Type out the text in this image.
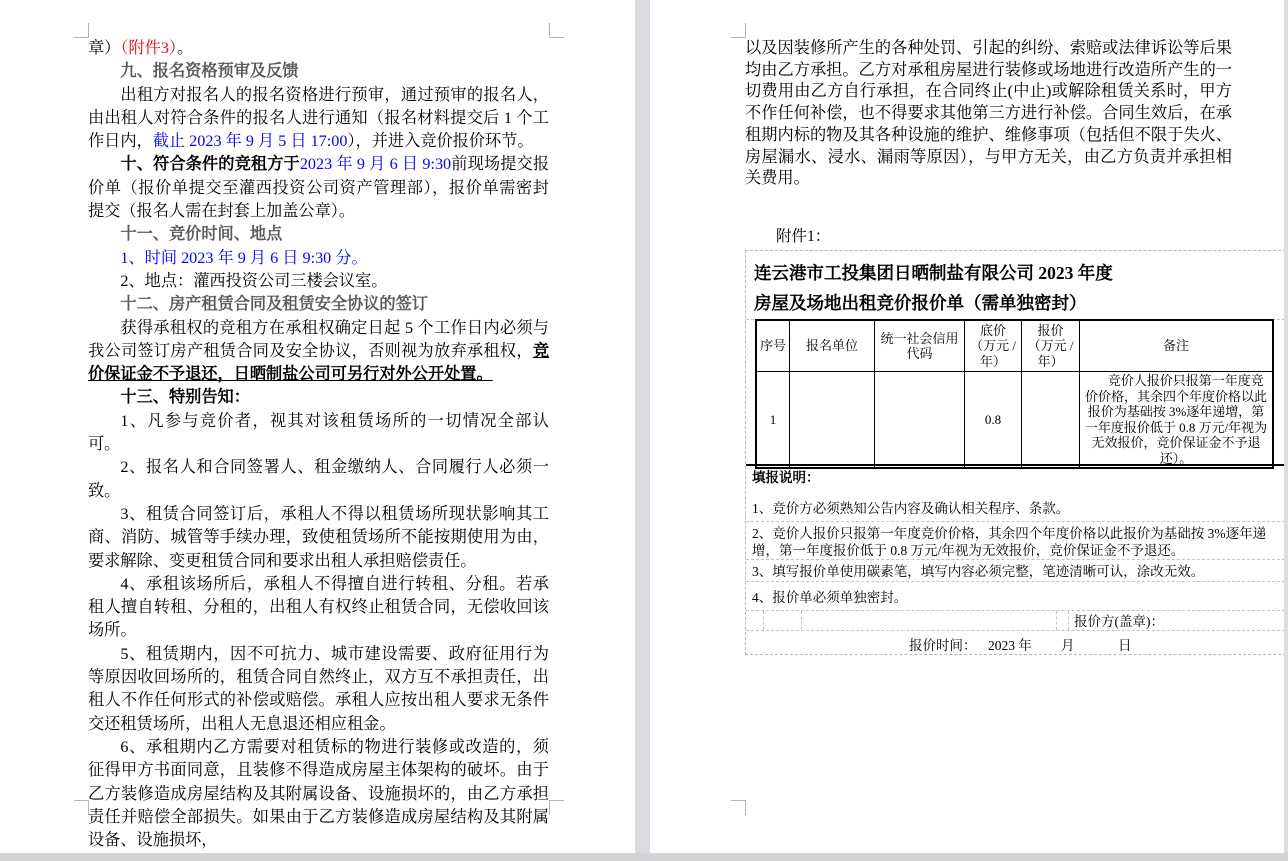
章）（附件3）。

九、报名资格预审及反馈

出租方对报名人的报名资格进行预审，通过预审的报名人，由出租人对符合条件的报名人进行通知（报名材料提交后 1 个工作日内，截止 2023 年 9 月 5 日 17:00），并进入竞价报价环节。

十、符合条件的竞租方于2023 年 9 月 6 日 9:30前现场提交报价单（报价单提交至灌西投资公司资产管理部），报价单需密封提交（报名人需在封套上加盖公章）。

十一、竞价时间、地点

1、时间 2023 年 9 月 6 日 9:30 分。

2、地点：灌西投资公司三楼会议室。

十二、房产租赁合同及租赁安全协议的签订

获得承租权的竞租方在承租权确定日起 5 个工作日内必须与我公司签订房产租赁合同及安全协议，否则视为放弃承租权，竞价保证金不予退还，日晒制盐公司可另行对外公开处置。

十三、特别告知：

1、凡参与竞价者，视其对该租赁场所的一切情况全部认可。

2、报名人和合同签署人、租金缴纳人、合同履行人必须一致。

3、租赁合同签订后，承租人不得以租赁场所现状影响其工商、消防、城管等手续办理，致使租赁场所不能按期使用为由，要求解除、变更租赁合同和要求出租人承担赔偿责任。

4、承租该场所后，承租人不得擅自进行转租、分租。若承租人擅自转租、分租的，出租人有权终止租赁合同，无偿收回该场所。

5、租赁期内，因不可抗力、城市建设需要、政府征用行为等原因收回场所的，租赁合同自然终止，双方互不承担责任，出租人不作任何形式的补偿或赔偿。承租人应按出租人要求无条件交还租赁场所，出租人无息退还相应租金。

6、承租期内乙方需要对租赁标的物进行装修或改造的，须征得甲方书面同意，且装修不得造成房屋主体架构的破坏。由于乙方装修造成房屋结构及其附属设备、设施损坏的，由乙方承担责任并赔偿全部损失。如果由于乙方装修造成房屋结构及其附属设备、设施损坏，

以及因装修所产生的各种处罚、引起的纠纷、索赔或法律诉讼等后果均由乙方承担。乙方对承租房屋进行装修或场地进行改造所产生的一切费用由乙方自行承担，在合同终止(中止)或解除租赁关系时，甲方不作任何补偿，也不得要求其他第三方进行补偿。合同生效后，在承租期内标的物及其各种设施的维护、维修事项（包括但不限于失火、房屋漏水、浸水、漏雨等原因），与甲方无关，由乙方负责并承担相关费用。

附件1：
连云港市工投集团日晒制盐有限公司 2023 年度
房屋及场地出租竞价报价单（需单独密封）
序号	报名单位	统一社会信用代码	底价 （万元 /年）	报价 （万元 /年）	备注
1			0.8		竞价人报价只报第一年度竞价价格，其余四个年度价格以此报价为基础按 3%逐年递增，第一年度报价低于 0.8 万元/年视为无效报价，竞价保证金不予退还）。
填报说明：
1、竞价方必须熟知公告内容及确认相关程序、条款。
2、竞价人报价只报第一年度竞价价格，其余四个年度价格以此报价为基础按 3%逐年递增，第一年度报价低于 0.8 万元/年视为无效报价，竞价保证金不予退还。
3、填写报价单使用碳素笔，填写内容必须完整，笔迹清晰可认，涂改无效。
4、报价单必须单独密封。
报价方(盖章)：
报价时间： 2023 年 月	日
